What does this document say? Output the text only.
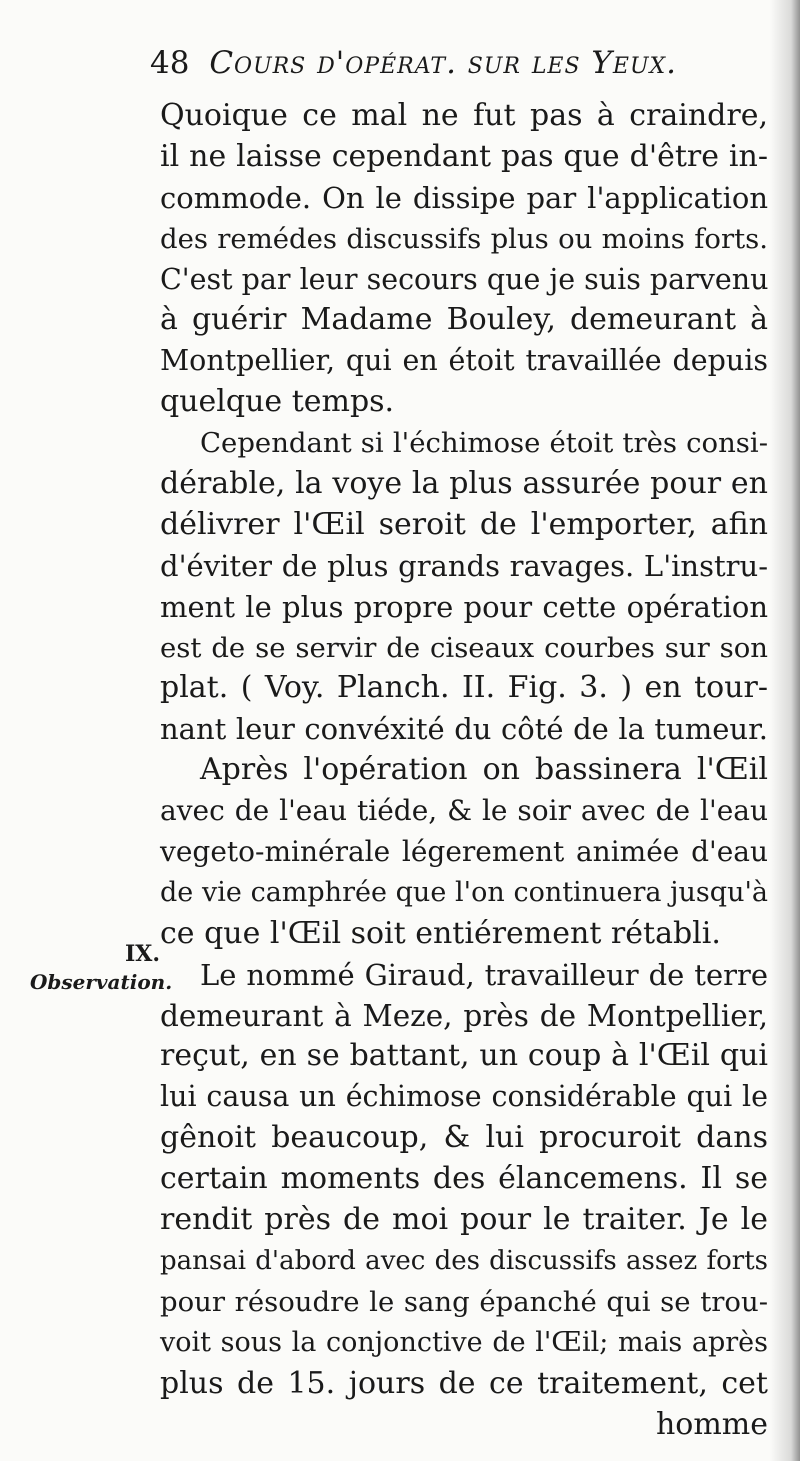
48 Cours d'opérat. sur les Yeux.
IX.
Observation.
Quoique ce mal ne fut pas à craindre,
il ne laisse cependant pas que d'être in-
commode. On le dissipe par l'application
des remédes discussifs plus ou moins forts.
C'est par leur secours que je suis parvenu
à guérir Madame Bouley, demeurant à
Montpellier, qui en étoit travaillée depuis
quelque temps.
Cependant si l'échimose étoit très consi-
dérable, la voye la plus assurée pour en
délivrer l'Œil seroit de l'emporter, afin
d'éviter de plus grands ravages. L'instru-
ment le plus propre pour cette opération
est de se servir de ciseaux courbes sur son
plat. ( Voy. Planch. II. Fig. 3. ) en tour-
nant leur convéxité du côté de la tumeur.
Après l'opération on bassinera l'Œil
avec de l'eau tiéde, & le soir avec de l'eau
vegeto-minérale légerement animée d'eau
de vie camphrée que l'on continuera jusqu'à
ce que l'Œil soit entiérement rétabli.
Le nommé Giraud, travailleur de terre
demeurant à Meze, près de Montpellier,
reçut, en se battant, un coup à l'Œil qui
lui causa un échimose considérable qui le
gênoit beaucoup, & lui procuroit dans
certain moments des élancemens. Il se
rendit près de moi pour le traiter. Je le
pansai d'abord avec des discussifs assez forts
pour résoudre le sang épanché qui se trou-
voit sous la conjonctive de l'Œil; mais après
plus de 15. jours de ce traitement, cet
homme
